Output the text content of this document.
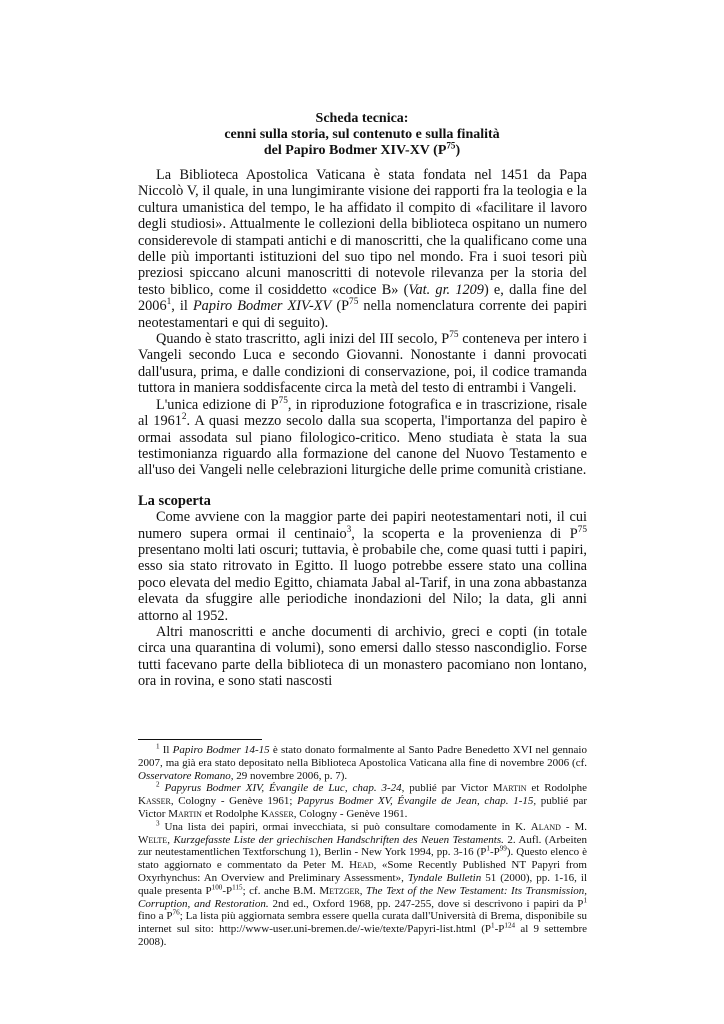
Scheda tecnica:
cenni sulla storia, sul contenuto e sulla finalità
del Papiro Bodmer XIV-XV $(P^{75})$

La Biblioteca Apostolica Vaticana è stata fondata nel 1451 da Papa Niccolò V, il quale, in una lungimirante visione dei rapporti fra la teologia e la cultura umanistica del tempo, le ha affidato il compito di «facilitare il lavoro degli studiosi». Attualmente le collezioni della biblioteca ospitano un numero considerevole di stampati antichi e di manoscritti, che la qualificano come una delle più importanti istituzioni del suo tipo nel mondo. Fra i suoi tesori più preziosi spiccano alcuni manoscritti di notevole rilevanza per la storia del testo biblico, come il cosiddetto «codice B» (Vat. gr. 1209) e, dalla fine del 2006$^1$, il Papiro Bodmer XIV-XV ($P^{75}$ nella nomenclatura corrente dei papiri neotestamentari e qui di seguito).

Quando è stato trascritto, agli inizi del III secolo, $P^{75}$ conteneva per intero i Vangeli secondo Luca e secondo Giovanni. Nonostante i danni provocati dall'usura, prima, e dalle condizioni di conservazione, poi, il codice tramanda tuttora in maniera soddisfacente circa la metà del testo di entrambi i Vangeli.

L'unica edizione di $P^{75}$, in riproduzione fotografica e in trascrizione, risale al 1961$^2$. A quasi mezzo secolo dalla sua scoperta, l'importanza del papiro è ormai assodata sul piano filologico-critico. Meno studiata è stata la sua testimonianza riguardo alla formazione del canone del Nuovo Testamento e all'uso dei Vangeli nelle celebrazioni liturgiche delle prime comunità cristiane.

La scoperta

Come avviene con la maggior parte dei papiri neotestamentari noti, il cui numero supera ormai il centinaio$^3$, la scoperta e la provenienza di $P^{75}$ presentano molti lati oscuri; tuttavia, è probabile che, come quasi tutti i papiri, esso sia stato ritrovato in Egitto. Il luogo potrebbe essere stato una collina poco elevata del medio Egitto, chiamata Jabal al-Tarif, in una zona abbastanza elevata da sfuggire alle periodiche inondazioni del Nilo; la data, gli anni attorno al 1952.

Altri manoscritti e anche documenti di archivio, greci e copti (in totale circa una quarantina di volumi), sono emersi dallo stesso nascondiglio. Forse tutti facevano parte della biblioteca di un monastero pacomiano non lontano, ora in rovina, e sono stati nascosti

$^1$ Il Papiro Bodmer 14-15 è stato donato formalmente al Santo Padre Benedetto XVI nel gennaio 2007, ma già era stato depositato nella Biblioteca Apostolica Vaticana alla fine di novembre 2006 (cf. Osservatore Romano, 29 novembre 2006, p. 7).

$^2$ Papyrus Bodmer XIV, Évangile de Luc, chap. 3-24, publié par Victor Martin et Rodolphe Kasser, Cologny - Genève 1961; Papyrus Bodmer XV, Évangile de Jean, chap. 1-15, publié par Victor Martin et Rodolphe Kasser, Cologny - Genève 1961.

$^3$ Una lista dei papiri, ormai invecchiata, si può consultare comodamente in K. Aland - M. Welte, Kurzgefasste Liste der griechischen Handschriften des Neuen Testaments. 2. Aufl. (Arbeiten zur neutestamentlichen Textforschung 1), Berlin - New York 1994, pp. 3-16 $(P^1-P^{99})$. Questo elenco è stato aggiornato e commentato da Peter M. Head, «Some Recently Published NT Papyri from Oxyrhynchus: An Overview and Preliminary Assessment», Tyndale Bulletin 51 (2000), pp. 1-16, il quale presenta $P^{100}-P^{115}$; cf. anche B.M. Metzger, The Text of the New Testament: Its Transmission, Corruption, and Restoration. 2nd ed., Oxford 1968, pp. 247-255, dove si descrivono i papiri da $P^1$ fino a $P^{76}$; La lista più aggiornata sembra essere quella curata dall'Università di Brema, disponibile su internet sul sito: http://www-user.uni-bremen.de/-wie/texte/Papyri-list.html ($P^1-P^{124}$ al 9 settembre 2008).
